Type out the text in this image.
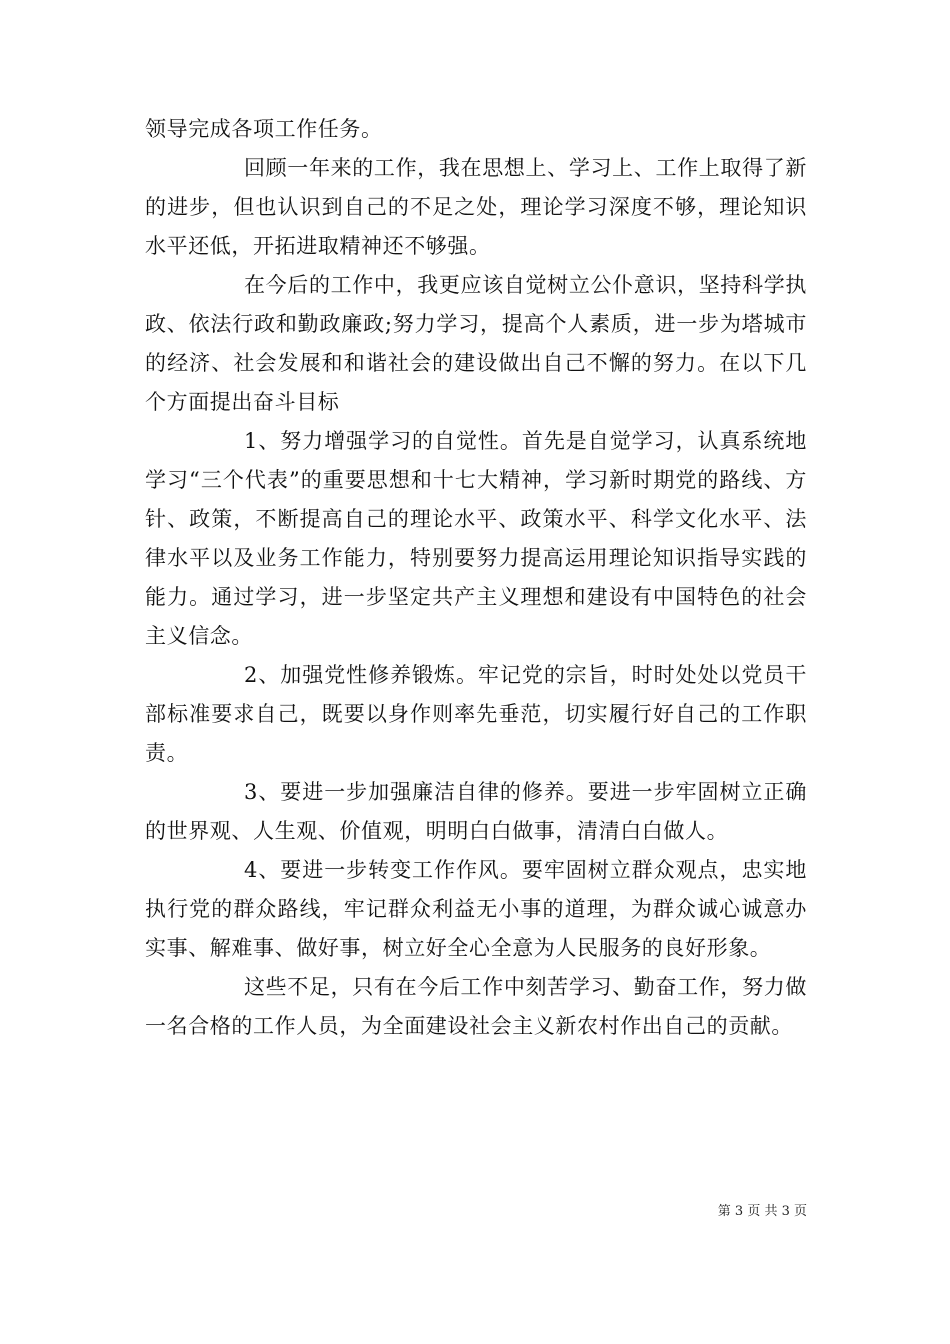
领导完成各项工作任务。

回顾一年来的工作，我在思想上、学习上、工作上取得了新的进步，但也认识到自己的不足之处，理论学习深度不够，理论知识水平还低，开拓进取精神还不够强。

在今后的工作中，我更应该自觉树立公仆意识，坚持科学执政、依法行政和勤政廉政;努力学习，提高个人素质，进一步为塔城市的经济、社会发展和和谐社会的建设做出自己不懈的努力。在以下几个方面提出奋斗目标

1、努力增强学习的自觉性。首先是自觉学习，认真系统地学习“三个代表”的重要思想和十七大精神，学习新时期党的路线、方针、政策，不断提高自己的理论水平、政策水平、科学文化水平、法律水平以及业务工作能力，特别要努力提高运用理论知识指导实践的能力。通过学习，进一步坚定共产主义理想和建设有中国特色的社会主义信念。

2、加强党性修养锻炼。牢记党的宗旨，时时处处以党员干部标准要求自己，既要以身作则率先垂范，切实履行好自己的工作职责。

3、要进一步加强廉洁自律的修养。要进一步牢固树立正确的世界观、人生观、价值观，明明白白做事，清清白白做人。

4、要进一步转变工作作风。要牢固树立群众观点，忠实地执行党的群众路线，牢记群众利益无小事的道理，为群众诚心诚意办实事、解难事、做好事，树立好全心全意为人民服务的良好形象。

这些不足，只有在今后工作中刻苦学习、勤奋工作，努力做一名合格的工作人员，为全面建设社会主义新农村作出自己的贡献。

第 3 页 共 3 页
